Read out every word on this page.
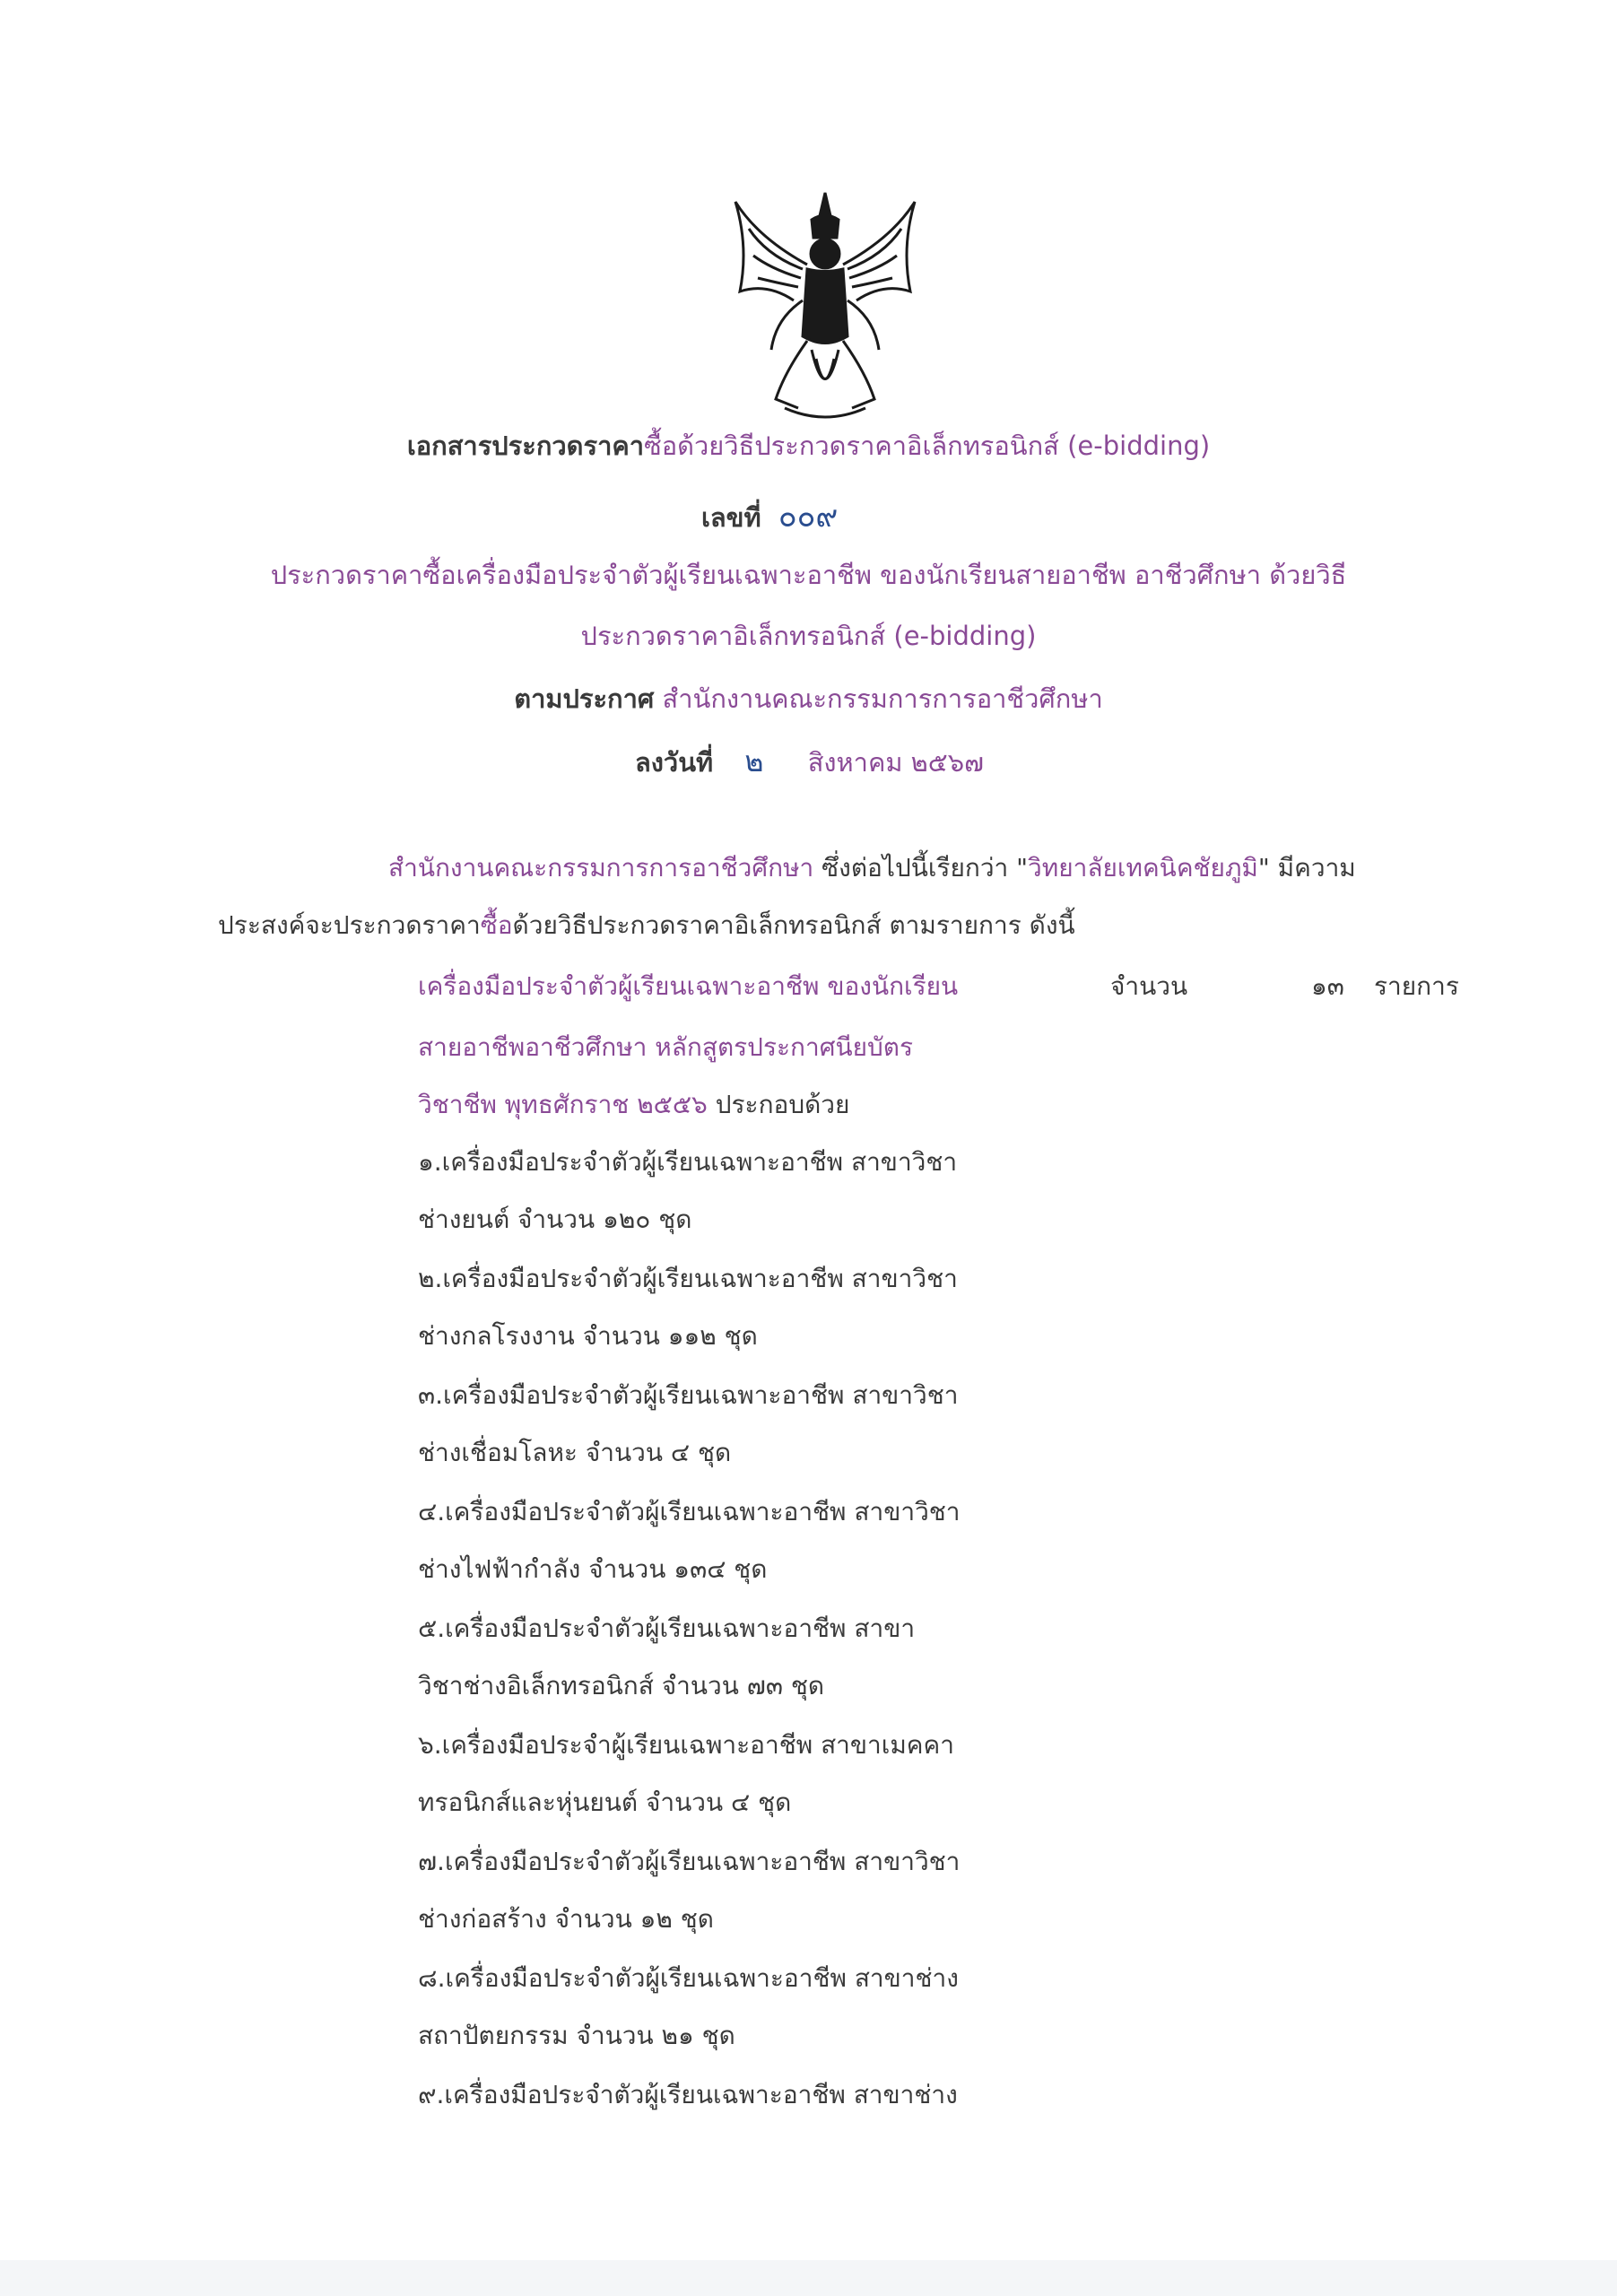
เอกสารประกวดราคาซื้อด้วยวิธีประกวดราคาอิเล็กทรอนิกส์ (e-bidding)
เลขที่ ๐๐๙
ประกวดราคาซื้อเครื่องมือประจำตัวผู้เรียนเฉพาะอาชีพ ของนักเรียนสายอาชีพ อาชีวศึกษา ด้วยวิธี
ประกวดราคาอิเล็กทรอนิกส์ (e-bidding)
ตามประกาศ สำนักงานคณะกรรมการการอาชีวศึกษา
ลงวันที่ ๒ สิงหาคม ๒๕๖๗
สำนักงานคณะกรรมการการอาชีวศึกษา ซึ่งต่อไปนี้เรียกว่า "วิทยาลัยเทคนิคชัยภูมิ" มีความ
ประสงค์จะประกวดราคาซื้อด้วยวิธีประกวดราคาอิเล็กทรอนิกส์ ตามรายการ ดังนี้
เครื่องมือประจำตัวผู้เรียนเฉพาะอาชีพ ของนักเรียน	จำนวน	๑๓ รายการ
สายอาชีพอาชีวศึกษา หลักสูตรประกาศนียบัตร
วิชาชีพ พุทธศักราช ๒๕๕๖ ประกอบด้วย
๑.เครื่องมือประจำตัวผู้เรียนเฉพาะอาชีพ สาขาวิชา
ช่างยนต์ จำนวน ๑๒๐ ชุด
๒.เครื่องมือประจำตัวผู้เรียนเฉพาะอาชีพ สาขาวิชา
ช่างกลโรงงาน จำนวน ๑๑๒ ชุด
๓.เครื่องมือประจำตัวผู้เรียนเฉพาะอาชีพ สาขาวิชา
ช่างเชื่อมโลหะ จำนวน ๔ ชุด
๔.เครื่องมือประจำตัวผู้เรียนเฉพาะอาชีพ สาขาวิชา
ช่างไฟฟ้ากำลัง จำนวน ๑๓๔ ชุด
๕.เครื่องมือประจำตัวผู้เรียนเฉพาะอาชีพ สาขา
วิชาช่างอิเล็กทรอนิกส์ จำนวน ๗๓ ชุด
๖.เครื่องมือประจำผู้เรียนเฉพาะอาชีพ สาขาเมคคา
ทรอนิกส์และหุ่นยนต์ จำนวน ๔ ชุด
๗.เครื่องมือประจำตัวผู้เรียนเฉพาะอาชีพ สาขาวิชา
ช่างก่อสร้าง จำนวน ๑๒ ชุด
๘.เครื่องมือประจำตัวผู้เรียนเฉพาะอาชีพ สาขาช่าง
สถาปัตยกรรม จำนวน ๒๑ ชุด
๙.เครื่องมือประจำตัวผู้เรียนเฉพาะอาชีพ สาขาช่าง
